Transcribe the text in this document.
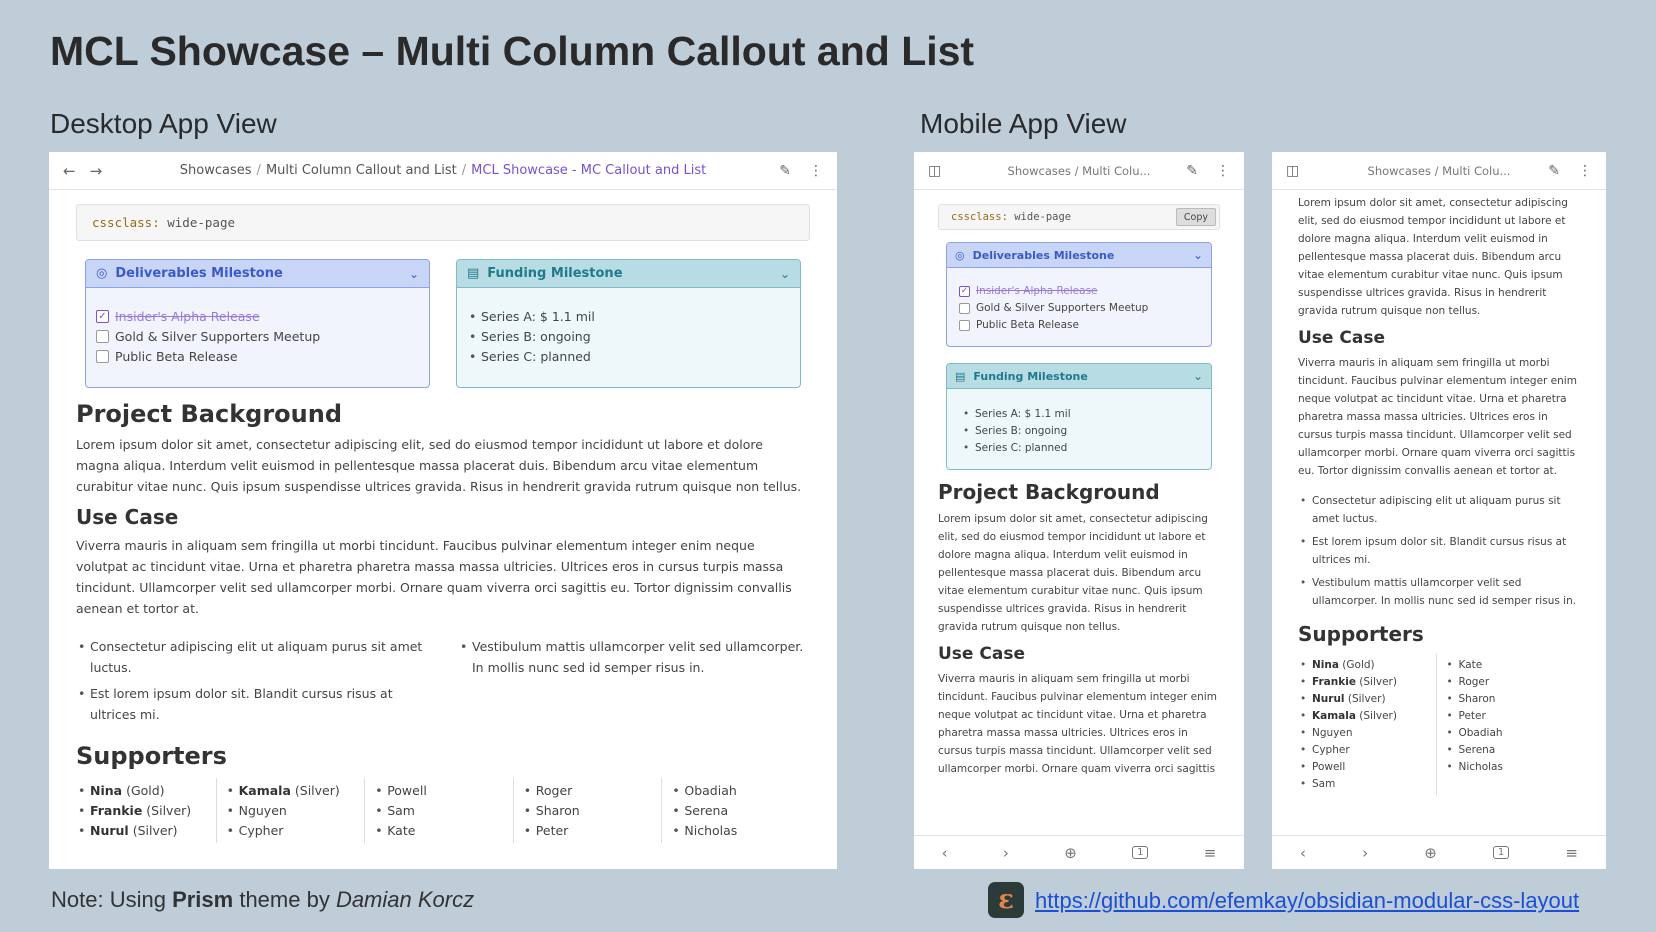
MCL Showcase – Multi Column Callout and List
Desktop App View	Mobile App View
← →	Showcases / Multi Column Callout and List / MCL Showcase - MC Callout and List	✎ ⋮
cssclass: wide-page
◎ Deliverables Milestone	⌄
✓ Insider's Alpha Release
Gold & Silver Supporters Meetup
Public Beta Release
▤ Funding Milestone	⌄
• Series A: $ 1.1 mil
• Series B: ongoing
• Series C: planned
Project Background

Lorem ipsum dolor sit amet, consectetur adipiscing elit, sed do eiusmod tempor incididunt ut labore et dolore magna aliqua. Interdum velit euismod in pellentesque massa placerat duis. Bibendum arcu vitae elementum curabitur vitae nunc. Quis ipsum suspendisse ultrices gravida. Risus in hendrerit gravida rutrum quisque non tellus.

Use Case

Viverra mauris in aliquam sem fringilla ut morbi tincidunt. Faucibus pulvinar elementum integer enim neque volutpat ac tincidunt vitae. Urna et pharetra pharetra massa massa ultricies. Ultrices eros in cursus turpis massa tincidunt. Ullamcorper velit sed ullamcorper morbi. Ornare quam viverra orci sagittis eu. Tortor dignissim convallis aenean et tortor at.

• Consectetur adipiscing elit ut aliquam purus sit amet luctus.
• Est lorem ipsum dolor sit. Blandit cursus risus at ultrices mi.
• Vestibulum mattis ullamcorper velit sed ullamcorper. In mollis nunc sed id semper risus in.
Supporters
• Nina (Gold)
• Frankie (Silver)
• Nurul (Silver)
• Kamala (Silver)
• Nguyen
• Cypher
• Powell
• Sam
• Kate
• Roger
• Sharon
• Peter
• Obadiah
• Serena
• Nicholas
◫	Showcases / Multi Colu...	✎ ⋮
cssclass: wide-page	Copy
◎ Deliverables Milestone	⌄
✓ Insider's Alpha Release
Gold & Silver Supporters Meetup
Public Beta Release
▤ Funding Milestone	⌄
• Series A: $ 1.1 mil
• Series B: ongoing
• Series C: planned
Project Background

Lorem ipsum dolor sit amet, consectetur adipiscing elit, sed do eiusmod tempor incididunt ut labore et dolore magna aliqua. Interdum velit euismod in pellentesque massa placerat duis. Bibendum arcu vitae elementum curabitur vitae nunc. Quis ipsum suspendisse ultrices gravida. Risus in hendrerit gravida rutrum quisque non tellus.

Use Case

Viverra mauris in aliquam sem fringilla ut morbi tincidunt. Faucibus pulvinar elementum integer enim neque volutpat ac tincidunt vitae. Urna et pharetra pharetra massa massa ultricies. Ultrices eros in cursus turpis massa tincidunt. Ullamcorper velit sed ullamcorper morbi. Ornare quam viverra orci sagittis

‹	›	⊕	1	≡
◫	Showcases / Multi Colu...	✎ ⋮

Lorem ipsum dolor sit amet, consectetur adipiscing elit, sed do eiusmod tempor incididunt ut labore et dolore magna aliqua. Interdum velit euismod in pellentesque massa placerat duis. Bibendum arcu vitae elementum curabitur vitae nunc. Quis ipsum suspendisse ultrices gravida. Risus in hendrerit gravida rutrum quisque non tellus.

Use Case

Viverra mauris in aliquam sem fringilla ut morbi tincidunt. Faucibus pulvinar elementum integer enim neque volutpat ac tincidunt vitae. Urna et pharetra pharetra massa massa ultricies. Ultrices eros in cursus turpis massa tincidunt. Ullamcorper velit sed ullamcorper morbi. Ornare quam viverra orci sagittis eu. Tortor dignissim convallis aenean et tortor at.

• Consectetur adipiscing elit ut aliquam purus sit amet luctus.
• Est lorem ipsum dolor sit. Blandit cursus risus at ultrices mi.
• Vestibulum mattis ullamcorper velit sed ullamcorper. In mollis nunc sed id semper risus in.
Supporters
• Nina (Gold)
• Frankie (Silver)
• Nurul (Silver)
• Kamala (Silver)
• Nguyen
• Cypher
• Powell
• Sam
• Kate
• Roger
• Sharon
• Peter
• Obadiah
• Serena
• Nicholas
‹	›	⊕	1	≡
Note: Using Prism theme by Damian Korcz	ɛ https://github.com/efemkay/obsidian-modular-css-layout
